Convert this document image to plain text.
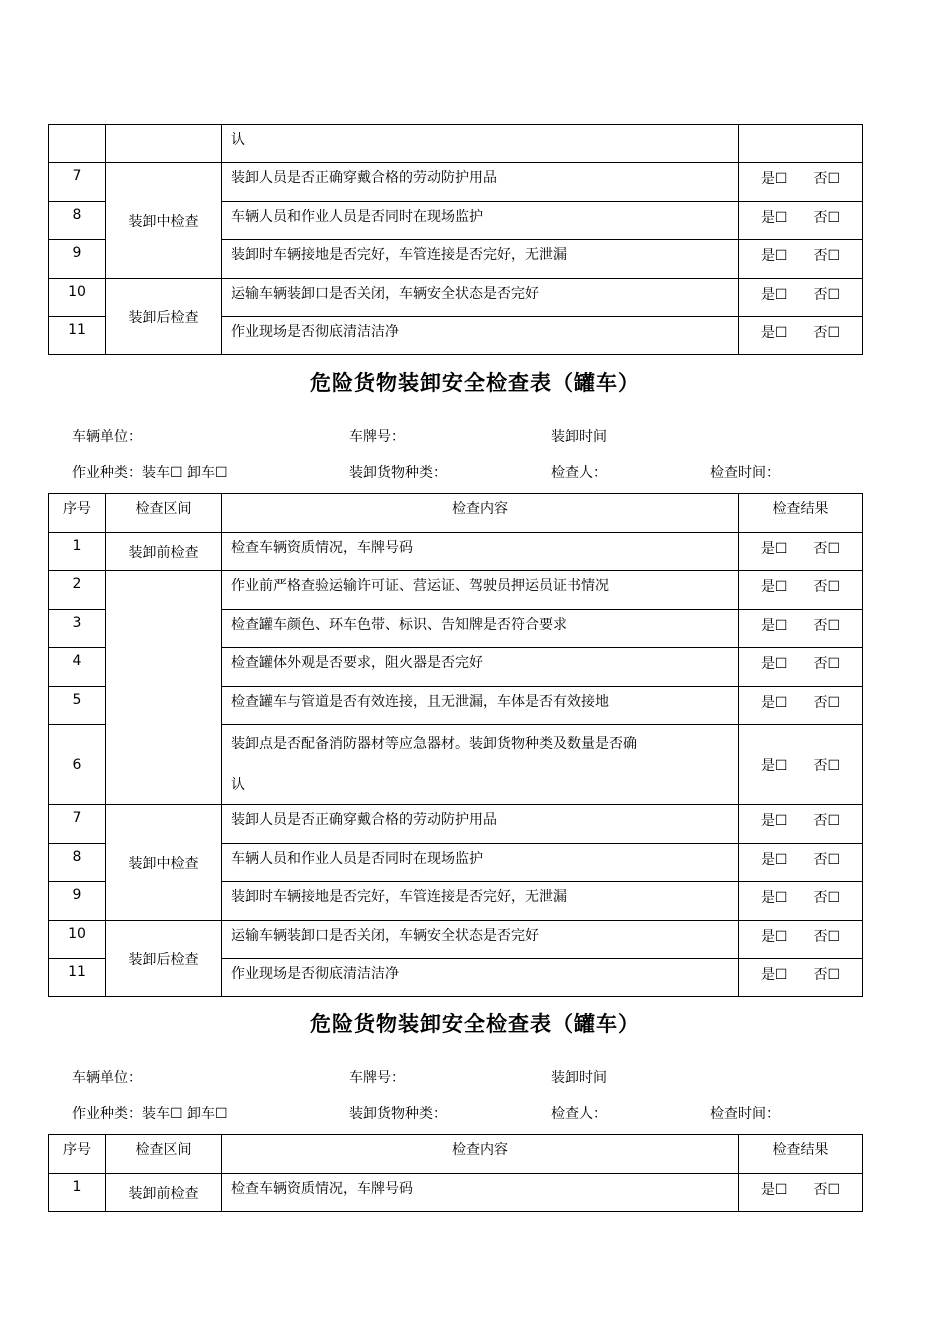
		认	
7	装卸中检查	装卸人员是否正确穿戴合格的劳动防护用品	是☐ 否☐
8		车辆人员和作业人员是否同时在现场监护	是☐ 否☐
9		装卸时车辆接地是否完好，车管连接是否完好，无泄漏	是☐ 否☐
10	装卸后检查	运输车辆装卸口是否关闭，车辆安全状态是否完好	是☐ 否☐
11		作业现场是否彻底清洁洁净	是☐ 否☐
危险货物装卸安全检查表（罐车）
车辆单位：	车牌号：	装卸时间
作业种类：装车☐ 卸车☐	装卸货物种类：	检查人：	检查时间：
序号	检查区间	检查内容	检查结果
1	装卸前检查	检查车辆资质情况，车牌号码	是☐ 否☐
2		作业前严格查验运输许可证、营运证、驾驶员押运员证书情况	是☐ 否☐
3		检查罐车颜色、环车色带、标识、告知牌是否符合要求	是☐ 否☐
4		检查罐体外观是否要求，阻火器是否完好	是☐ 否☐
5		检查罐车与管道是否有效连接，且无泄漏，车体是否有效接地	是☐ 否☐
6		装卸点是否配备消防器材等应急器材。装卸货物种类及数量是否确
认	是☐ 否☐
7	装卸中检查	装卸人员是否正确穿戴合格的劳动防护用品	是☐ 否☐
8		车辆人员和作业人员是否同时在现场监护	是☐ 否☐
9		装卸时车辆接地是否完好，车管连接是否完好，无泄漏	是☐ 否☐
10	装卸后检查	运输车辆装卸口是否关闭，车辆安全状态是否完好	是☐ 否☐
11		作业现场是否彻底清洁洁净	是☐ 否☐
危险货物装卸安全检查表（罐车）
车辆单位：	车牌号：	装卸时间
作业种类：装车☐ 卸车☐	装卸货物种类：	检查人：	检查时间：
序号	检查区间	检查内容	检查结果
1	装卸前检查	检查车辆资质情况，车牌号码	是☐ 否☐
